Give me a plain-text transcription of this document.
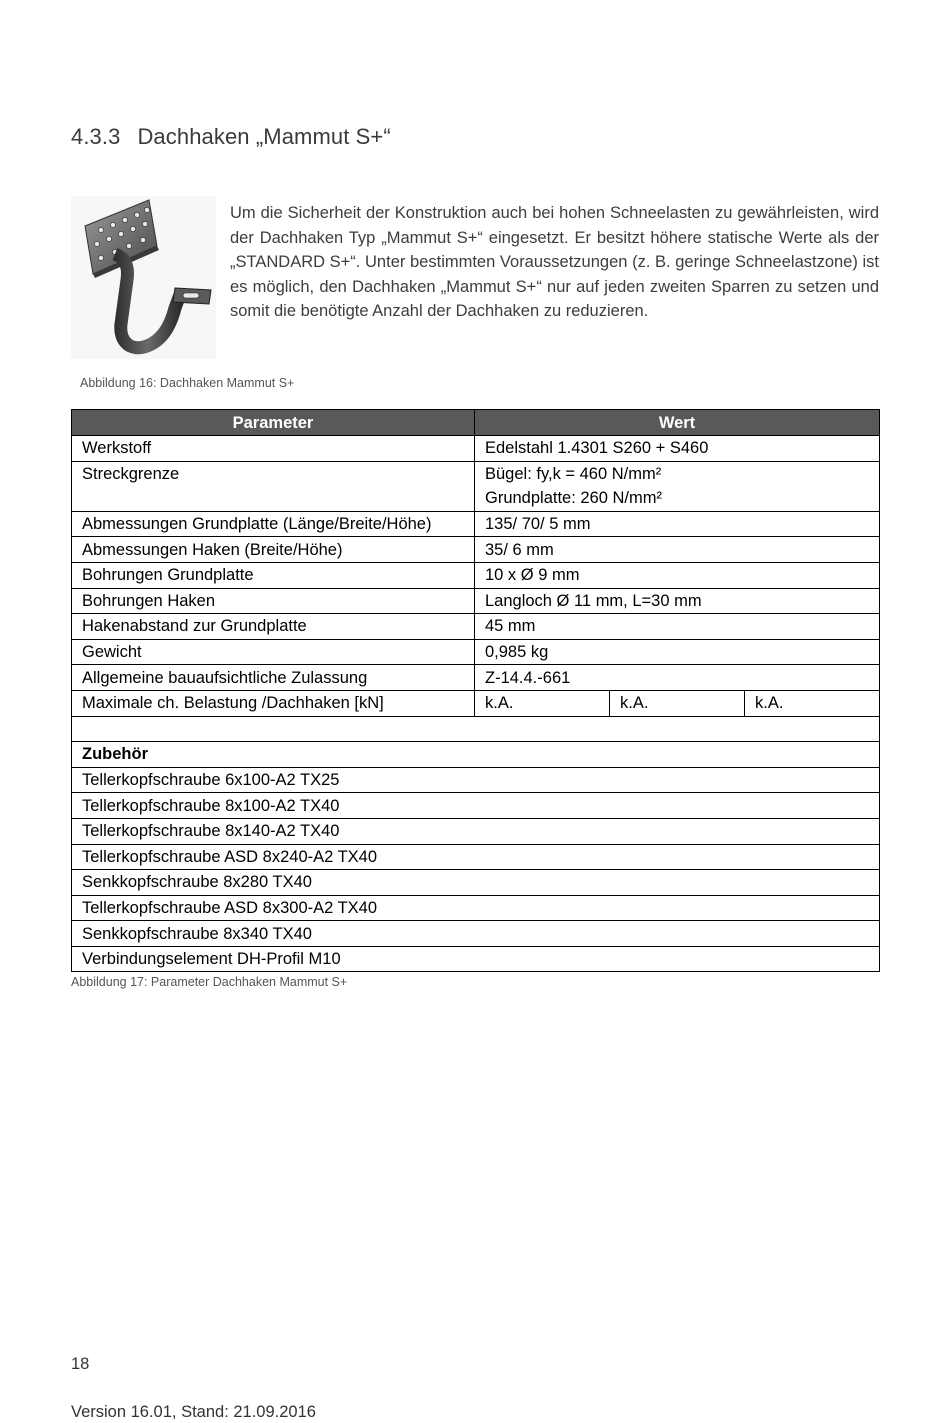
4.3.3 Dachhaken „Mammut S+“
Um die Sicherheit der Konstruktion auch bei hohen Schneelasten zu gewährleisten, wird der Dachhaken Typ „Mammut S+“ eingesetzt. Er besitzt höhere statische Werte als der „STANDARD S+“. Unter bestimmten Voraussetzungen (z. B. geringe Schneelastzone) ist es möglich, den Dachhaken „Mammut S+“ nur auf jeden zweiten Sparren zu setzen und somit die benötigte Anzahl der Dachhaken zu reduzieren.
Abbildung 16: Dachhaken Mammut S+
Parameter	Wert		
Werkstoff	Edelstahl 1.4301 S260 + S460		
Streckgrenze	Bügel: fy,k = 460 N/mm²		
	Grundplatte: 260 N/mm²		
Abmessungen Grundplatte (Länge/Breite/Höhe)	135/ 70/ 5 mm		
Abmessungen Haken (Breite/Höhe)	35/ 6 mm		
Bohrungen Grundplatte	10 x Ø 9 mm		
Bohrungen Haken	Langloch Ø 11 mm, L=30 mm		
Hakenabstand zur Grundplatte	45 mm		
Gewicht	0,985 kg		
Allgemeine bauaufsichtliche Zulassung	Z-14.4.-661		
Maximale ch. Belastung /Dachhaken [kN]	k.A.	k.A.	k.A.

Zubehör			
Tellerkopfschraube 6x100-A2 TX25			
Tellerkopfschraube 8x100-A2 TX40			
Tellerkopfschraube 8x140-A2 TX40			
Tellerkopfschraube ASD 8x240-A2 TX40			
Senkkopfschraube 8x280 TX40			
Tellerkopfschraube ASD 8x300-A2 TX40			
Senkkopfschraube 8x340 TX40			
Verbindungselement DH-Profil M10			
Abbildung 17: Parameter Dachhaken Mammut S+
18
Version 16.01, Stand: 21.09.2016
